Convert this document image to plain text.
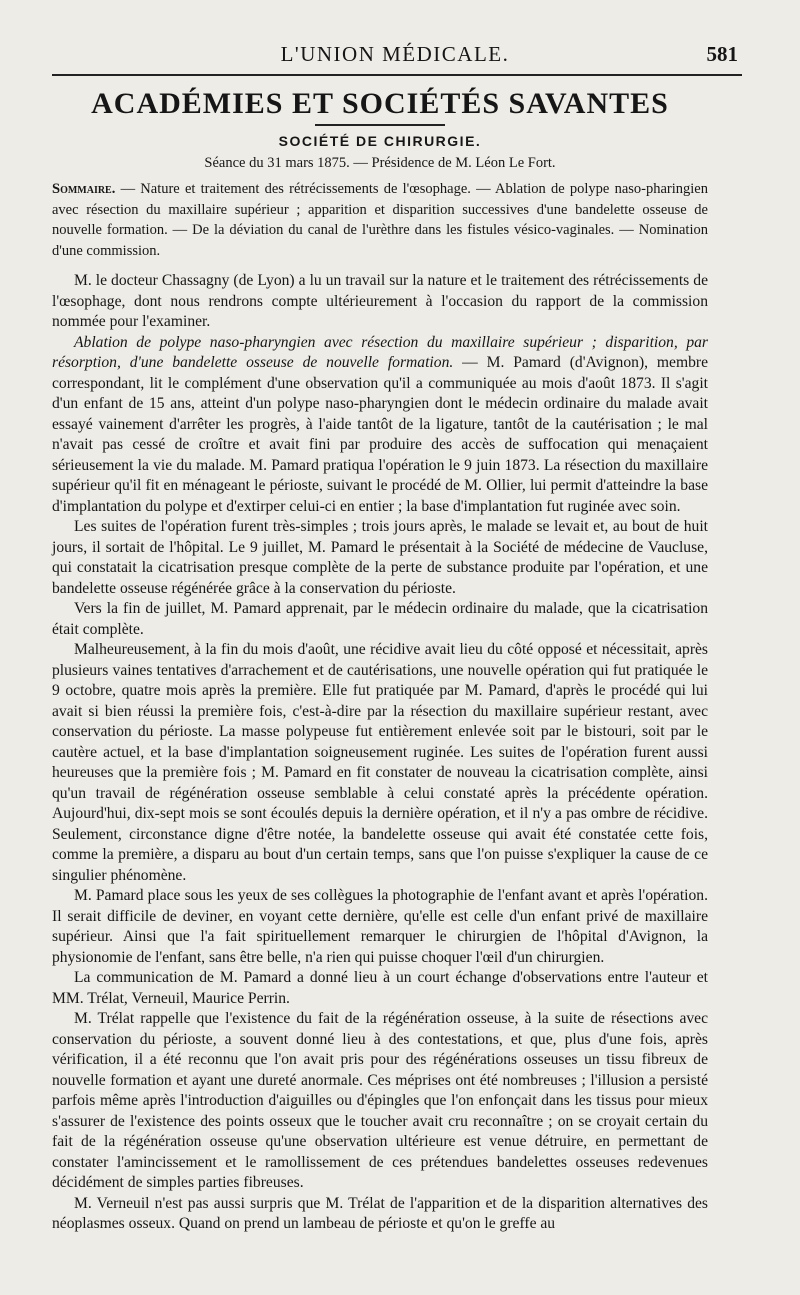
L'UNION MÉDICALE.	581
ACADÉMIES ET SOCIÉTÉS SAVANTES
SOCIÉTÉ DE CHIRURGIE.
Séance du 31 mars 1875. — Présidence de M. Léon Le Fort.
Sommaire. — Nature et traitement des rétrécissements de l'œsophage. — Ablation de polype naso-pharingien avec résection du maxillaire supérieur ; apparition et disparition successives d'une bandelette osseuse de nouvelle formation. — De la déviation du canal de l'urèthre dans les fistules vésico-vaginales. — Nomination d'une commission.

M. le docteur Chassagny (de Lyon) a lu un travail sur la nature et le traitement des rétrécissements de l'œsophage, dont nous rendrons compte ultérieurement à l'occasion du rapport de la commission nommée pour l'examiner.

Ablation de polype naso-pharyngien avec résection du maxillaire supérieur ; disparition, par résorption, d'une bandelette osseuse de nouvelle formation. — M. Pamard (d'Avignon), membre correspondant, lit le complément d'une observation qu'il a communiquée au mois d'août 1873. Il s'agit d'un enfant de 15 ans, atteint d'un polype naso-pharyngien dont le médecin ordinaire du malade avait essayé vainement d'arrêter les progrès, à l'aide tantôt de la ligature, tantôt de la cautérisation ; le mal n'avait pas cessé de croître et avait fini par produire des accès de suffocation qui menaçaient sérieusement la vie du malade. M. Pamard pratiqua l'opération le 9 juin 1873. La résection du maxillaire supérieur qu'il fit en ménageant le périoste, suivant le procédé de M. Ollier, lui permit d'atteindre la base d'implantation du polype et d'extirper celui-ci en entier ; la base d'implantation fut ruginée avec soin.

Les suites de l'opération furent très-simples ; trois jours après, le malade se levait et, au bout de huit jours, il sortait de l'hôpital. Le 9 juillet, M. Pamard le présentait à la Société de médecine de Vaucluse, qui constatait la cicatrisation presque complète de la perte de substance produite par l'opération, et une bandelette osseuse régénérée grâce à la conservation du périoste.

Vers la fin de juillet, M. Pamard apprenait, par le médecin ordinaire du malade, que la cicatrisation était complète.

Malheureusement, à la fin du mois d'août, une récidive avait lieu du côté opposé et nécessitait, après plusieurs vaines tentatives d'arrachement et de cautérisations, une nouvelle opération qui fut pratiquée le 9 octobre, quatre mois après la première. Elle fut pratiquée par M. Pamard, d'après le procédé qui lui avait si bien réussi la première fois, c'est-à-dire par la résection du maxillaire supérieur restant, avec conservation du périoste. La masse polypeuse fut entièrement enlevée soit par le bistouri, soit par le cautère actuel, et la base d'implantation soigneusement ruginée. Les suites de l'opération furent aussi heureuses que la première fois ; M. Pamard en fit constater de nouveau la cicatrisation complète, ainsi qu'un travail de régénération osseuse semblable à celui constaté après la précédente opération. Aujourd'hui, dix-sept mois se sont écoulés depuis la dernière opération, et il n'y a pas ombre de récidive. Seulement, circonstance digne d'être notée, la bandelette osseuse qui avait été constatée cette fois, comme la première, a disparu au bout d'un certain temps, sans que l'on puisse s'expliquer la cause de ce singulier phénomène.

M. Pamard place sous les yeux de ses collègues la photographie de l'enfant avant et après l'opération. Il serait difficile de deviner, en voyant cette dernière, qu'elle est celle d'un enfant privé de maxillaire supérieur. Ainsi que l'a fait spirituellement remarquer le chirurgien de l'hôpital d'Avignon, la physionomie de l'enfant, sans être belle, n'a rien qui puisse choquer l'œil d'un chirurgien.

La communication de M. Pamard a donné lieu à un court échange d'observations entre l'auteur et MM. Trélat, Verneuil, Maurice Perrin.

M. Trélat rappelle que l'existence du fait de la régénération osseuse, à la suite de résections avec conservation du périoste, a souvent donné lieu à des contestations, et que, plus d'une fois, après vérification, il a été reconnu que l'on avait pris pour des régénérations osseuses un tissu fibreux de nouvelle formation et ayant une dureté anormale. Ces méprises ont été nombreuses ; l'illusion a persisté parfois même après l'introduction d'aiguilles ou d'épingles que l'on enfonçait dans les tissus pour mieux s'assurer de l'existence des points osseux que le toucher avait cru reconnaître ; on se croyait certain du fait de la régénération osseuse qu'une observation ultérieure est venue détruire, en permettant de constater l'amincissement et le ramollissement de ces prétendues bandelettes osseuses redevenues décidément de simples parties fibreuses.

M. Verneuil n'est pas aussi surpris que M. Trélat de l'apparition et de la disparition alternatives des néoplasmes osseux. Quand on prend un lambeau de périoste et qu'on le greffe au
